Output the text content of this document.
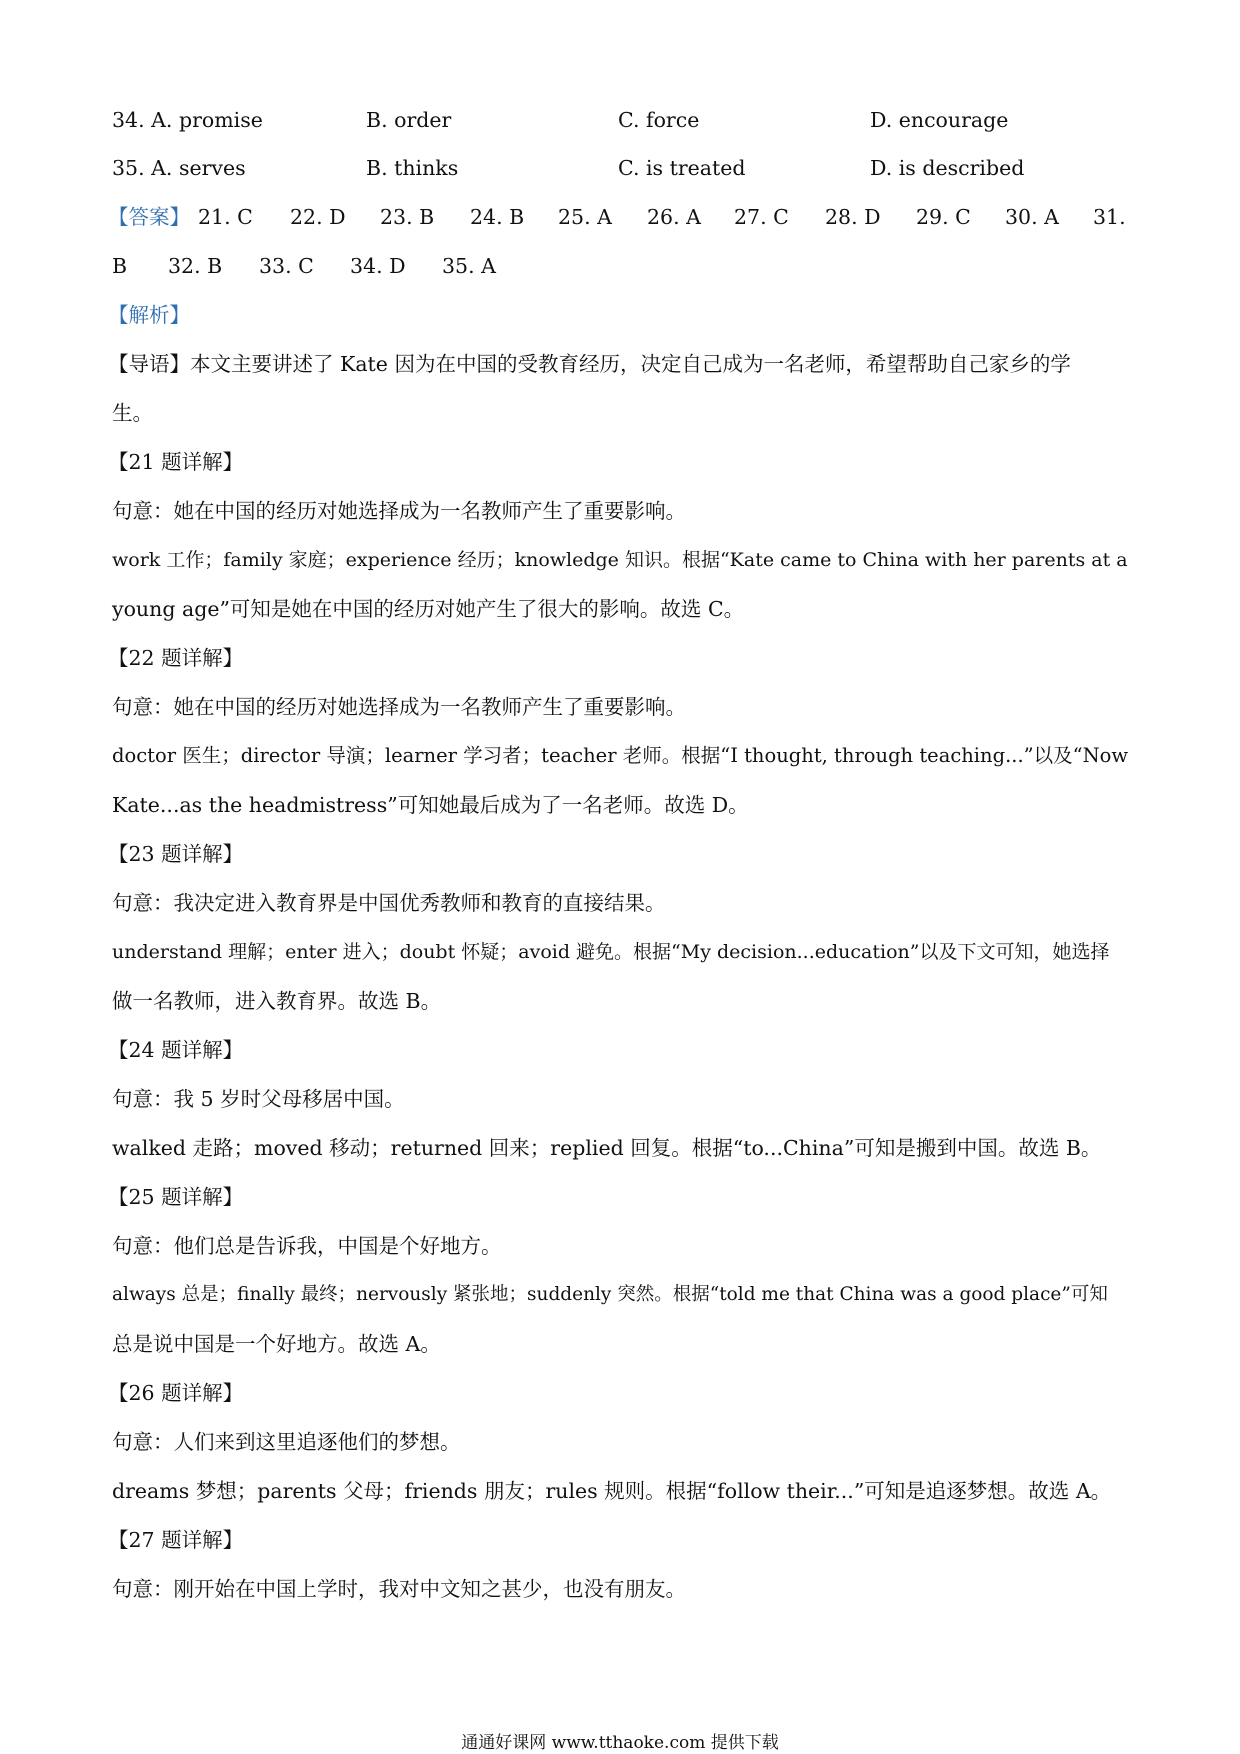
34. A. promise	B. order	C. force	D. encourage
35. A. serves	B. thinks	C. is treated	D. is described
【答案】 21. C 22. D 23. B 24. B 25. A 26. A 27. C 28. D 29. C 30. A 31.
B 32. B 33. C 34. D 35. A
【解析】
【导语】本文主要讲述了 Kate 因为在中国的受教育经历，决定自己成为一名老师，希望帮助自己家乡的学
生。
【21 题详解】
句意：她在中国的经历对她选择成为一名教师产生了重要影响。
work 工作；family 家庭；experience 经历；knowledge 知识。根据“Kate came to China with her parents at a
young age”可知是她在中国的经历对她产生了很大的影响。故选 C。
【22 题详解】
句意：她在中国的经历对她选择成为一名教师产生了重要影响。
doctor 医生；director 导演；learner 学习者；teacher 老师。根据“I thought, through teaching...”以及“Now
Kate...as the headmistress”可知她最后成为了一名老师。故选 D。
【23 题详解】
句意：我决定进入教育界是中国优秀教师和教育的直接结果。
understand 理解；enter 进入；doubt 怀疑；avoid 避免。根据“My decision...education”以及下文可知，她选择
做一名教师，进入教育界。故选 B。
【24 题详解】
句意：我 5 岁时父母移居中国。
walked 走路；moved 移动；returned 回来；replied 回复。根据“to...China”可知是搬到中国。故选 B。
【25 题详解】
句意：他们总是告诉我，中国是个好地方。
always 总是；finally 最终；nervously 紧张地；suddenly 突然。根据“told me that China was a good place”可知
总是说中国是一个好地方。故选 A。
【26 题详解】
句意：人们来到这里追逐他们的梦想。
dreams 梦想；parents 父母；friends 朋友；rules 规则。根据“follow their...”可知是追逐梦想。故选 A。
【27 题详解】
句意：刚开始在中国上学时，我对中文知之甚少，也没有朋友。
通通好课网 www.tthaoke.com 提供下载
